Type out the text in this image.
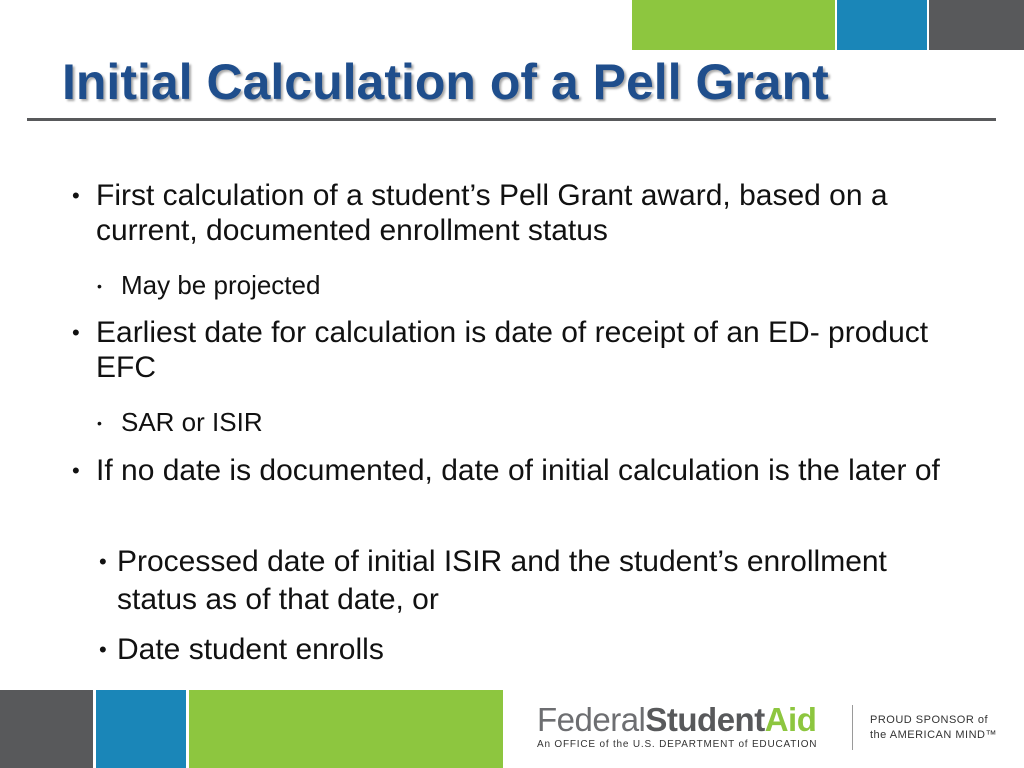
Initial Calculation of a Pell Grant

• First calculation of a student’s Pell Grant award, based on a current, documented enrollment status

• May be projected

• Earliest date for calculation is date of receipt of an ED- product EFC

• SAR or ISIR

• If no date is documented, date of initial calculation is the later of

• Processed date of initial ISIR and the student’s enrollment status as of that date, or

• Date student enrolls

FederalStudentAid
An OFFICE of the U.S. DEPARTMENT of EDUCATION
PROUD SPONSOR of
the AMERICAN MIND™
